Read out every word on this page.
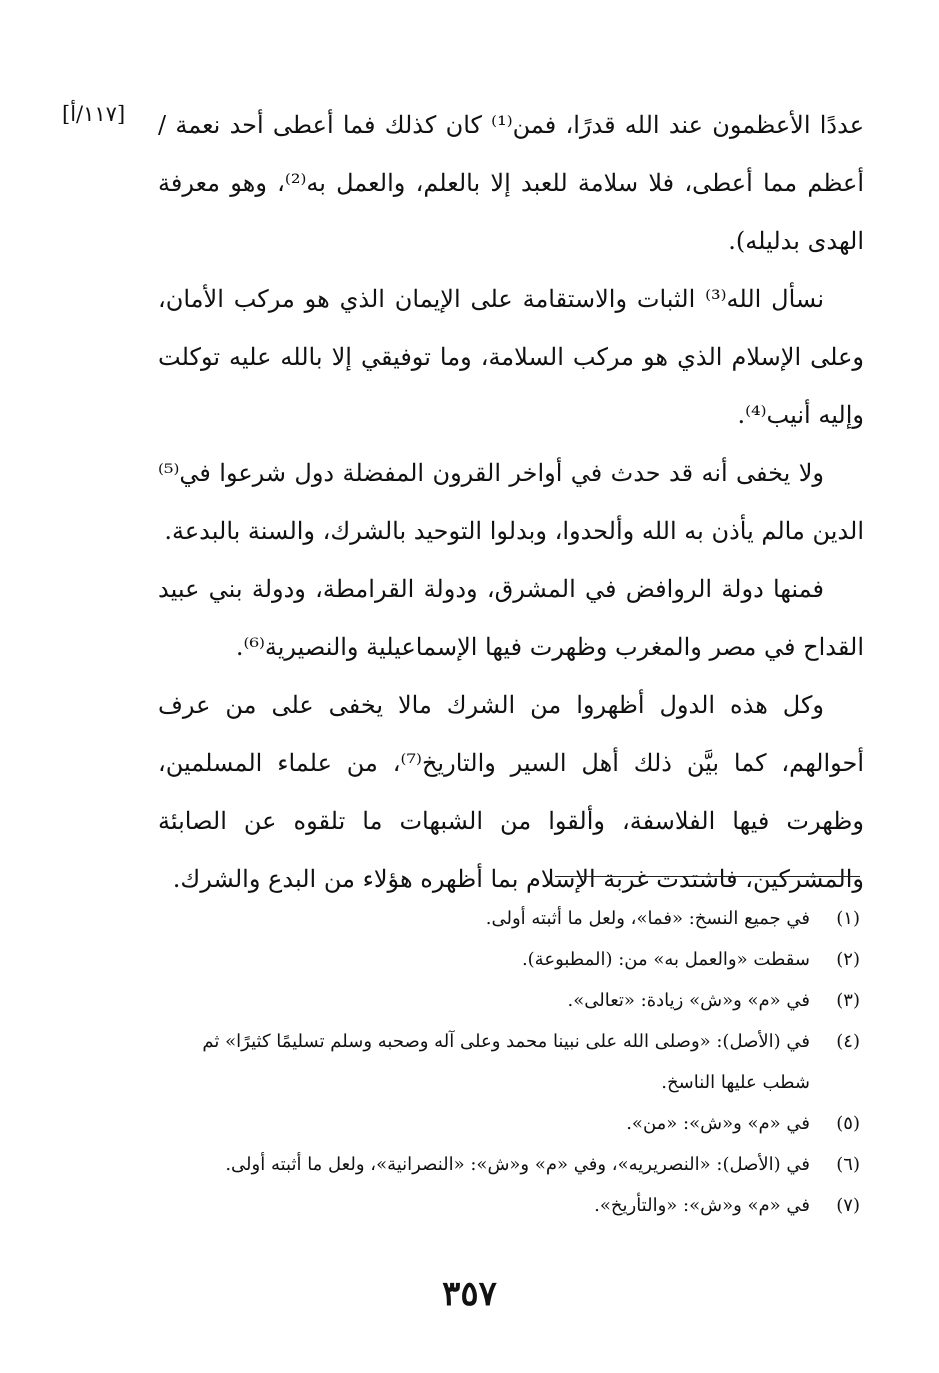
[١١٧/أ] عددًا الأعظمون عند الله قدرًا، فمن⁽¹⁾ كان كذلك فما أعطى أحد نعمة / أعظم مما أعطى، فلا سلامة للعبد إلا بالعلم، والعمل به⁽²⁾، وهو معرفة الهدى بدليله).

نسأل الله⁽³⁾ الثبات والاستقامة على الإيمان الذي هو مركب الأمان، وعلى الإسلام الذي هو مركب السلامة، وما توفيقي إلا بالله عليه توكلت وإليه أنيب⁽⁴⁾.

ولا يخفى أنه قد حدث في أواخر القرون المفضلة دول شرعوا في⁽⁵⁾ الدين مالم يأذن به الله وألحدوا، وبدلوا التوحيد بالشرك، والسنة بالبدعة.

فمنها دولة الروافض في المشرق، ودولة القرامطة، ودولة بني عبيد القداح في مصر والمغرب وظهرت فيها الإسماعيلية والنصيرية⁽⁶⁾.

وكل هذه الدول أظهروا من الشرك مالا يخفى على من عرف أحوالهم، كما بيَّن ذلك أهل السير والتاريخ⁽⁷⁾، من علماء المسلمين، وظهرت فيها الفلاسفة، وألقوا من الشبهات ما تلقوه عن الصابئة والمشركين، فاشتدت غربة الإسلام بما أظهره هؤلاء من البدع والشرك.

(١)
في جميع النسخ: «فما»، ولعل ما أثبته أولى.
(٢)
سقطت «والعمل به» من: (المطبوعة).
(٣)
في «م» و«ش» زيادة: «تعالى».
(٤)
في (الأصل): «وصلى الله على نبينا محمد وعلى آله وصحبه وسلم تسليمًا كثيرًا» ثم شطب عليها الناسخ.
(٥)
في «م» و«ش»: «من».
(٦)
في (الأصل): «النصريريه»، وفي «م» و«ش»: «النصرانية»، ولعل ما أثبته أولى.
(٧)
في «م» و«ش»: «والتأريخ».
٣٥٧
